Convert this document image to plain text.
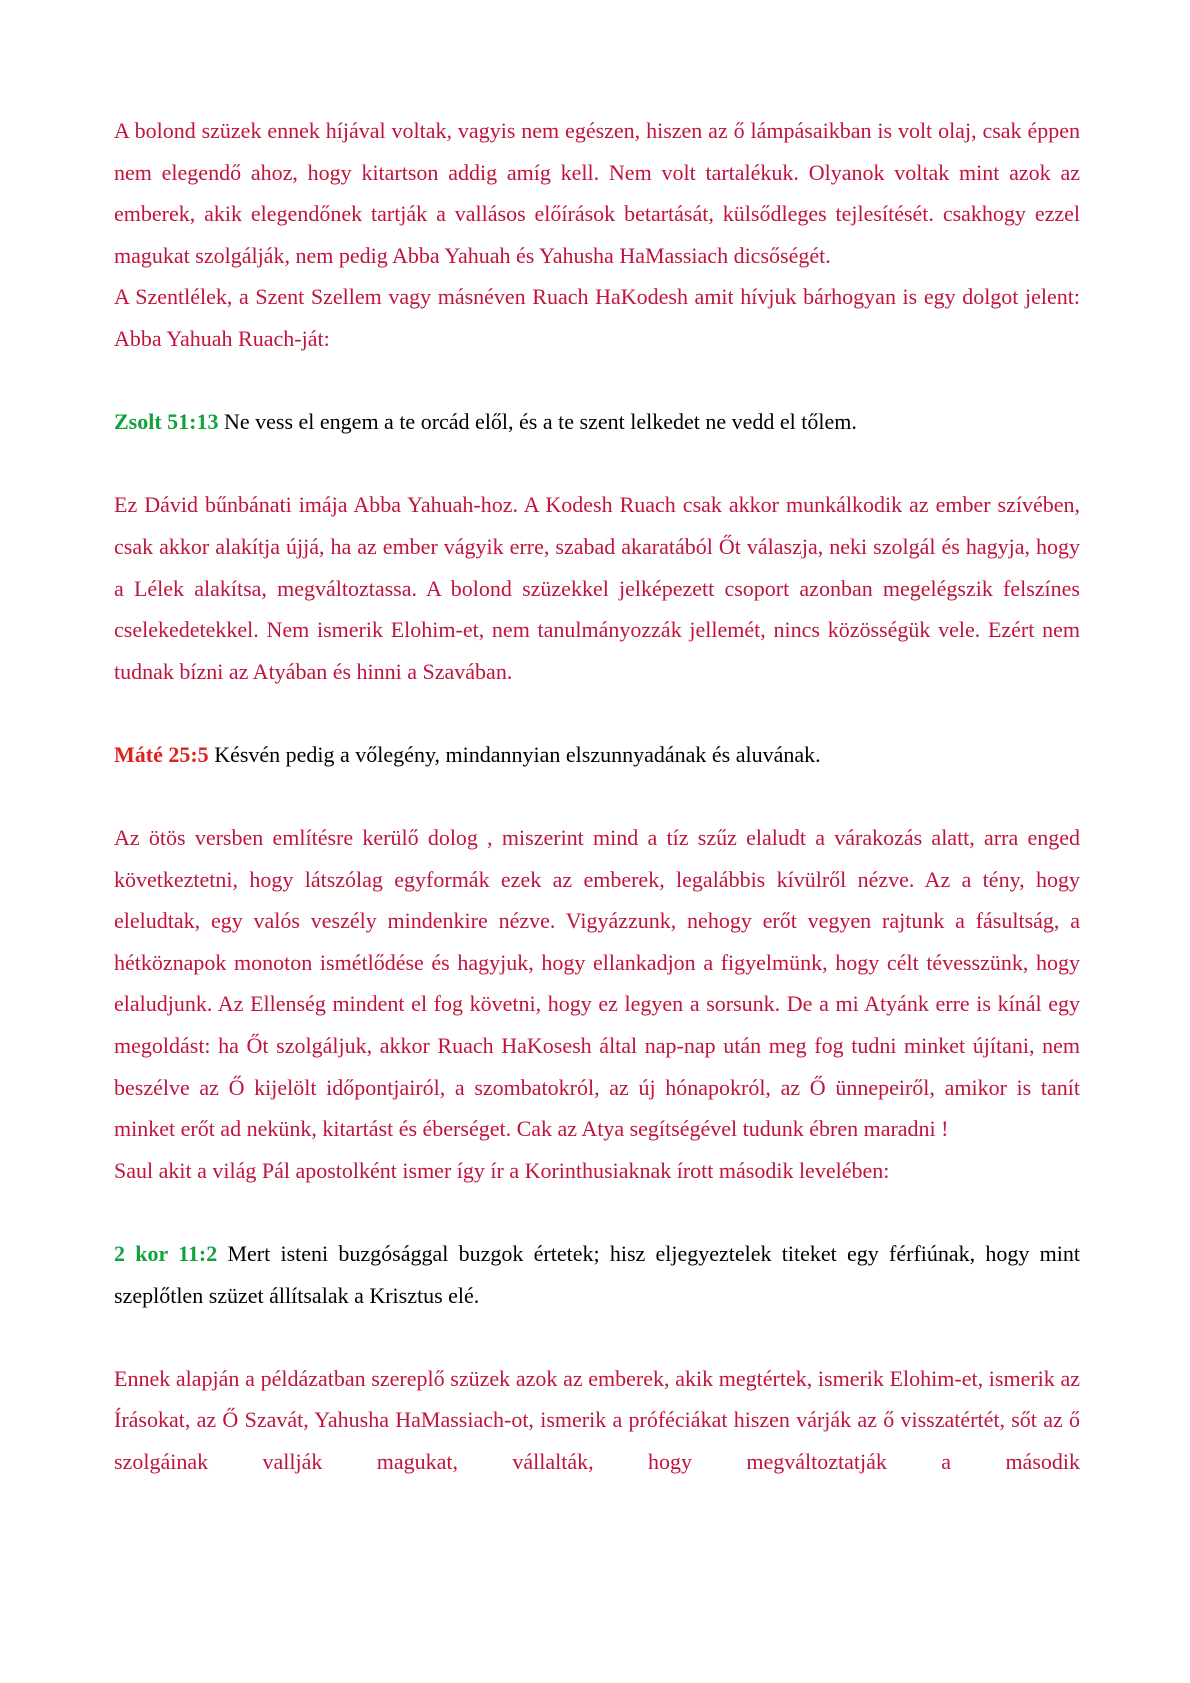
A bolond szüzek ennek híjával voltak, vagyis nem egészen, hiszen az ő lámpásaikban is volt olaj, csak éppen nem elegendő ahoz, hogy kitartson addig amíg kell. Nem volt tartalékuk. Olyanok voltak mint azok az emberek, akik elegendőnek tartják a vallásos előírások betartását, külsődleges tejlesítését. csakhogy ezzel magukat szolgálják, nem pedig Abba Yahuah és Yahusha HaMassiach dicsőségét.

A Szentlélek, a Szent Szellem vagy másnéven Ruach HaKodesh amit hívjuk bárhogyan is egy dolgot jelent: Abba Yahuah Ruach-ját:

Zsolt 51:13 Ne vess el engem a te orcád elől, és a te szent lelkedet ne vedd el tőlem.

Ez Dávid bűnbánati imája Abba Yahuah-hoz. A Kodesh Ruach csak akkor munkálkodik az ember szívében, csak akkor alakítja újjá, ha az ember vágyik erre, szabad akaratából Őt válaszja, neki szolgál és hagyja, hogy a Lélek alakítsa, megváltoztassa. A bolond szüzekkel jelképezett csoport azonban megelégszik felszínes cselekedetekkel. Nem ismerik Elohim-et, nem tanulmányozzák jellemét, nincs közösségük vele. Ezért nem tudnak bízni az Atyában és hinni a Szavában.

Máté 25:5 Késvén pedig a vőlegény, mindannyian elszunnyadának és aluvának.

Az ötös versben említésre kerülő dolog , miszerint mind a tíz szűz elaludt a várakozás alatt, arra enged következtetni, hogy látszólag egyformák ezek az emberek, legalábbis kívülről nézve. Az a tény, hogy eleludtak, egy valós veszély mindenkire nézve. Vigyázzunk, nehogy erőt vegyen rajtunk a fásultság, a hétköznapok monoton ismétlődése és hagyjuk, hogy ellankadjon a figyelmünk, hogy célt tévesszünk, hogy elaludjunk. Az Ellenség mindent el fog követni, hogy ez legyen a sorsunk. De a mi Atyánk erre is kínál egy megoldást: ha Őt szolgáljuk, akkor Ruach HaKosesh által nap-nap után meg fog tudni minket újítani, nem beszélve az Ő kijelölt időpontjairól, a szombatokról, az új hónapokról, az Ő ünnepeiről, amikor is tanít minket erőt ad nekünk, kitartást és éberséget. Cak az Atya segítségével tudunk ébren maradni !

Saul akit a világ Pál apostolként ismer így ír a Korinthusiaknak írott második levelében:

2 kor 11:2 Mert isteni buzgósággal buzgok értetek; hisz eljegyeztelek titeket egy férfiúnak, hogy mint szeplőtlen szüzet állítsalak a Krisztus elé.

Ennek alapján a példázatban szereplő szüzek azok az emberek, akik megtértek, ismerik Elohim-et, ismerik az Írásokat, az Ő Szavát, Yahusha HaMassiach-ot, ismerik a próféciákat hiszen várják az ő visszatértét, sőt az ő szolgáinak vallják magukat, vállalták, hogy megváltoztatják a második
